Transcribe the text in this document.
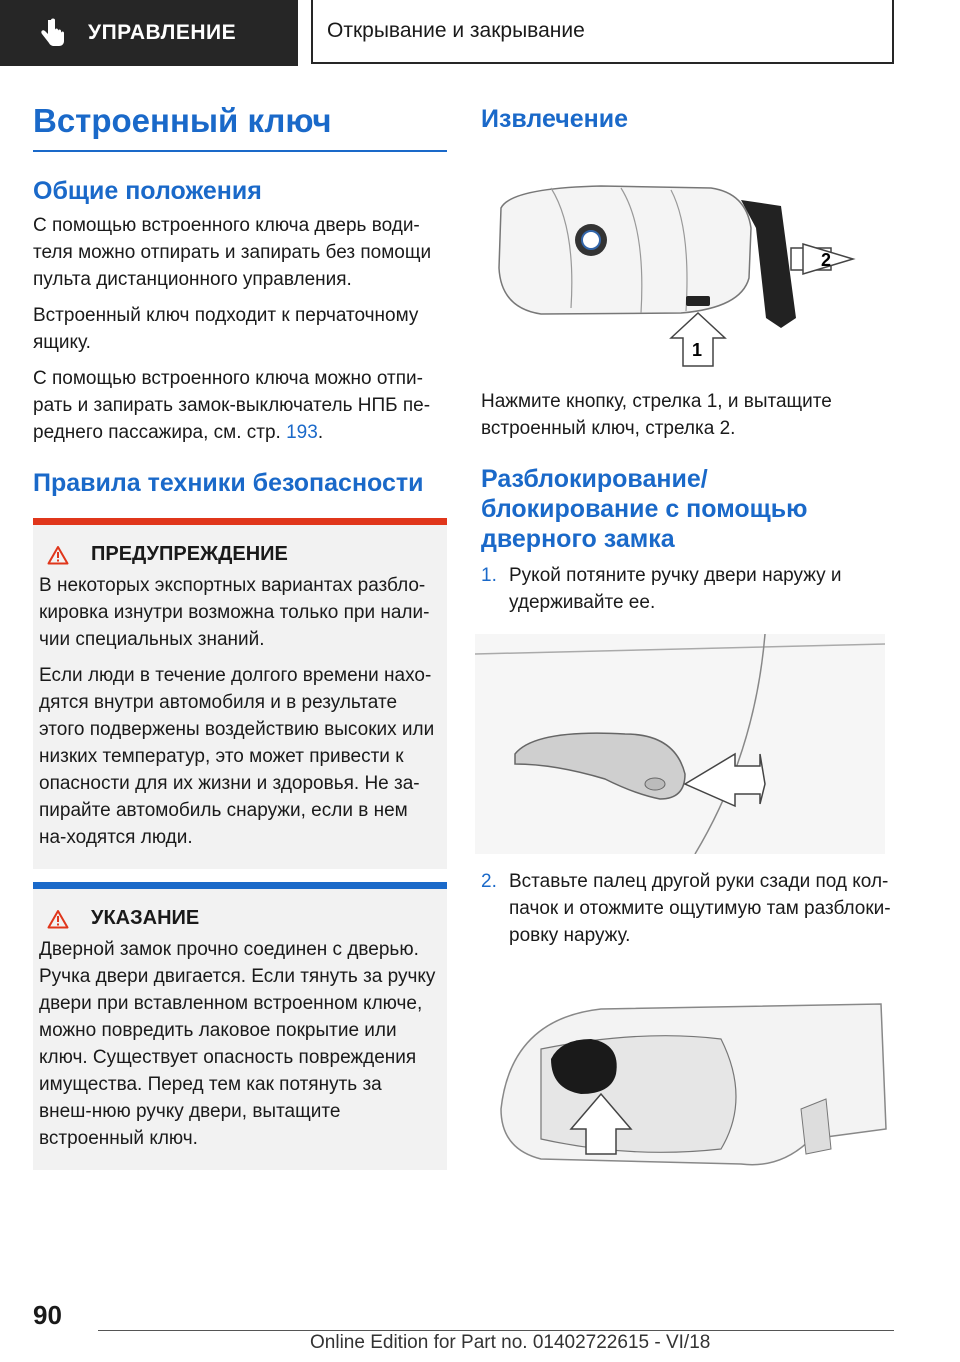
УПРАВЛЕНИЕ	Открывание и закрывание
Встроенный ключ
Общие положения

С помощью встроенного ключа дверь води-теля можно отпирать и запирать без помощи пульта дистанционного управления.

Встроенный ключ подходит к перчаточному ящику.

С помощью встроенного ключа можно отпи-рать и запирать замок-выключатель НПБ пе-реднего пассажира, см. стр. 193.

Правила техники безопасности
ПРЕДУПРЕЖДЕНИЕ

В некоторых экспортных вариантах разбло-кировка изнутри возможна только при нали-чии специальных знаний.

Если люди в течение долгого времени нахо-дятся внутри автомобиля и в результате этого подвержены воздействию высоких или низких температур, это может привести к опасности для их жизни и здоровья. Не за-пирайте автомобиль снаружи, если в нем на-ходятся люди.

УКАЗАНИЕ

Дверной замок прочно соединен с дверью. Ручка двери двигается. Если тянуть за ручку двери при вставленном встроенном ключе, можно повредить лаковое покрытие или ключ. Существует опасность повреждения имущества. Перед тем как потянуть за внеш-нюю ручку двери, вытащите встроенный ключ.

Извлечение
2
1

Нажмите кнопку, стрелка 1, и вытащите встроенный ключ, стрелка 2.

Разблокирование/ блокирование с помощью дверного замка
1. Рукой потяните ручку двери наружу и удерживайте ее.
2. Вставьте палец другой руки сзади под кол-пачок и отожмите ощутимую там разблоки-ровку наружу.
90
Online Edition for Part no. 01402722615 - VI/18
